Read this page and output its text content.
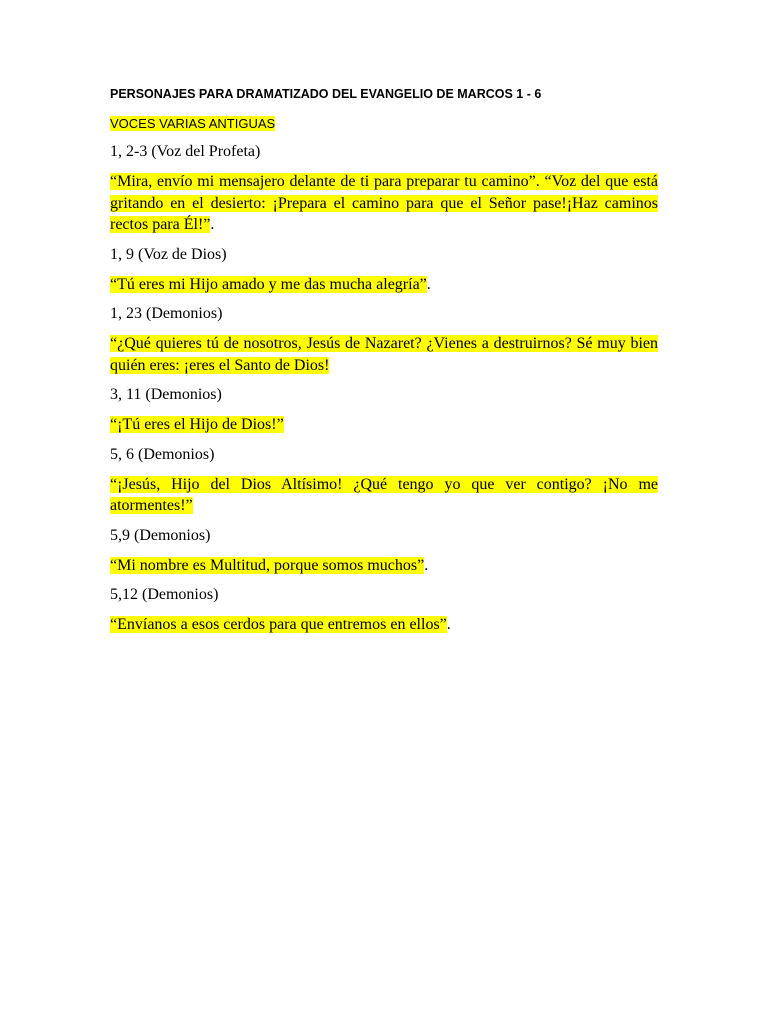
PERSONAJES PARA DRAMATIZADO DEL EVANGELIO DE MARCOS 1 - 6

VOCES VARIAS ANTIGUAS

1, 2-3 (Voz del Profeta)

“Mira, envío mi mensajero delante de ti para preparar tu camino”. “Voz del que está gritando en el desierto: ¡Prepara el camino para que el Señor pase!¡Haz caminos rectos para Él!”.

1, 9 (Voz de Dios)

“Tú eres mi Hijo amado y me das mucha alegría”.

1, 23 (Demonios)

“¿Qué quieres tú de nosotros, Jesús de Nazaret? ¿Vienes a destruirnos? Sé muy bien quién eres: ¡eres el Santo de Dios!

3, 11 (Demonios)

“¡Tú eres el Hijo de Dios!”

5, 6 (Demonios)

“¡Jesús, Hijo del Dios Altísimo! ¿Qué tengo yo que ver contigo? ¡No me atormentes!”

5,9 (Demonios)

“Mi nombre es Multitud, porque somos muchos”.

5,12 (Demonios)

“Envíanos a esos cerdos para que entremos en ellos”.
